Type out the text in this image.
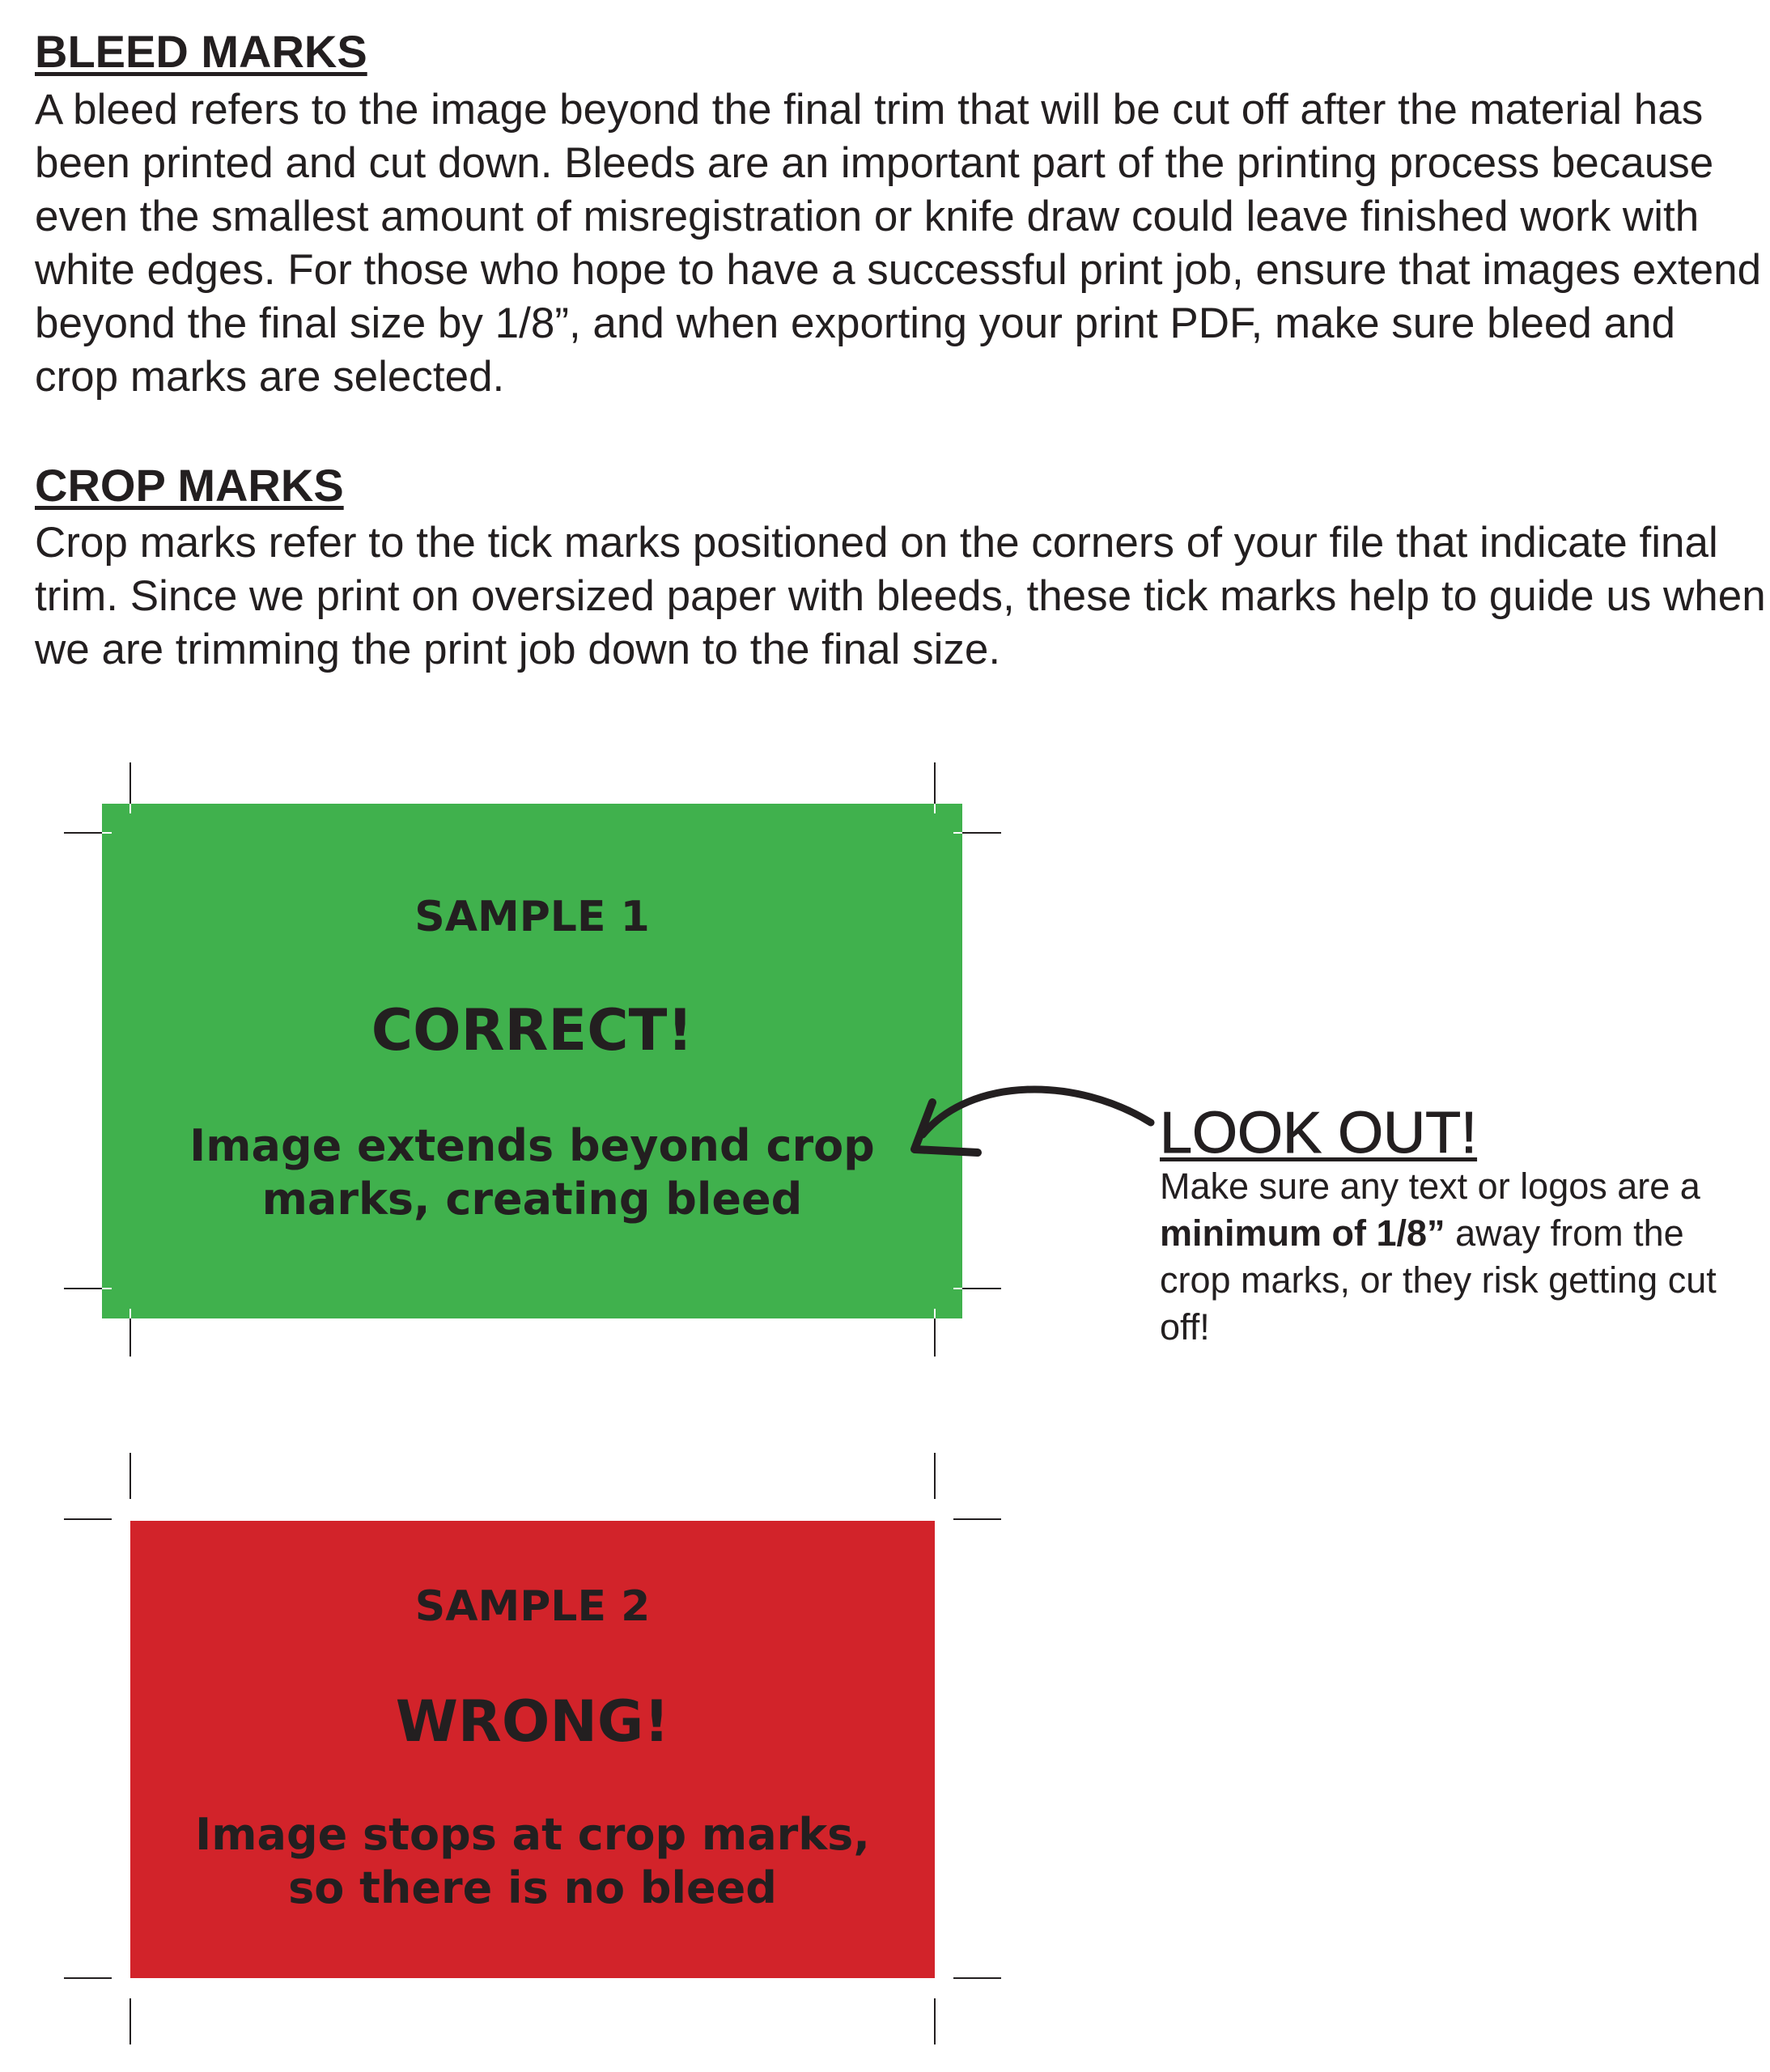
BLEED MARKS

A bleed refers to the image beyond the final trim that will be cut off after the material has been printed and cut down. Bleeds are an important part of the printing process because even the smallest amount of misregistration or knife draw could leave finished work with white edges. For those who hope to have a successful print job, ensure that images extend beyond the final size by 1/8”, and when exporting your print PDF, make sure bleed and crop marks are selected.

CROP MARKS

Crop marks refer to the tick marks positioned on the corners of your file that indicate final trim. Since we print on oversized paper with bleeds, these tick marks help to guide us when we are trimming the print job down to the final size.

SAMPLE 1
CORRECT!
Image extends beyond crop
marks, creating bleed
SAMPLE 2
WRONG!
Image stops at crop marks,
so there is no bleed
LOOK OUT!

Make sure any text or logos are a minimum of 1/8” away from the crop marks, or they risk getting cut off!
